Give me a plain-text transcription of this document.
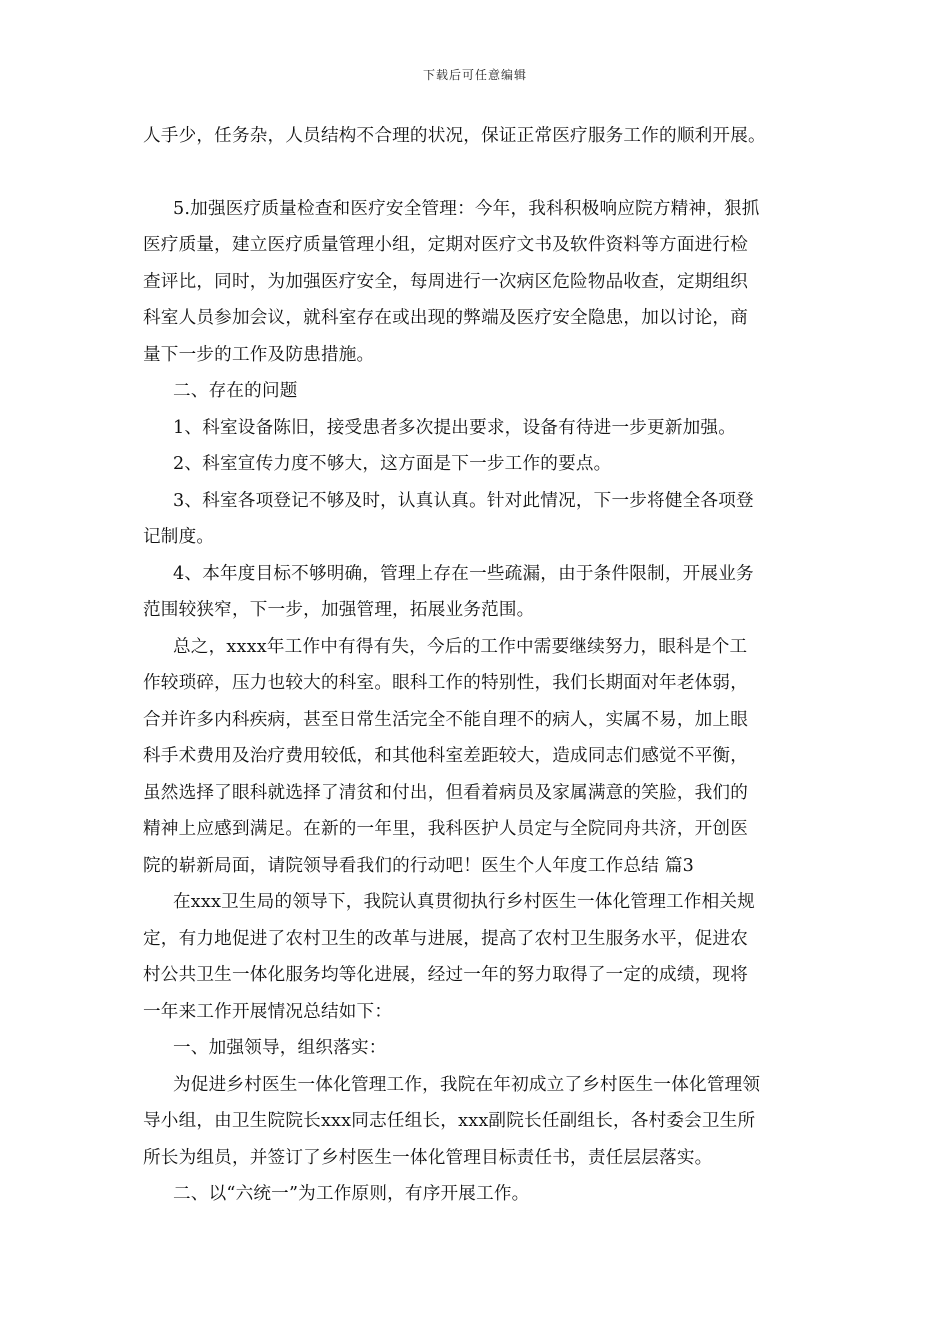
下载后可任意编辑
人手少，任务杂，人员结构不合理的状况，保证正常医疗服务工作的顺利开展。
5.加强医疗质量检查和医疗安全管理：今年，我科积极响应院方精神，狠抓
医疗质量，建立医疗质量管理小组，定期对医疗文书及软件资料等方面进行检
查评比，同时，为加强医疗安全，每周进行一次病区危险物品收查，定期组织
科室人员参加会议，就科室存在或出现的弊端及医疗安全隐患，加以讨论，商
量下一步的工作及防患措施。
二、存在的问题
1、科室设备陈旧，接受患者多次提出要求，设备有待进一步更新加强。
2、科室宣传力度不够大，这方面是下一步工作的要点。
3、科室各项登记不够及时，认真认真。针对此情况，下一步将健全各项登
记制度。
4、本年度目标不够明确，管理上存在一些疏漏，由于条件限制，开展业务
范围较狭窄，下一步，加强管理，拓展业务范围。
总之，xxxx年工作中有得有失，今后的工作中需要继续努力，眼科是个工
作较琐碎，压力也较大的科室。眼科工作的特别性，我们长期面对年老体弱，
合并许多内科疾病，甚至日常生活完全不能自理不的病人，实属不易，加上眼
科手术费用及治疗费用较低，和其他科室差距较大，造成同志们感觉不平衡，
虽然选择了眼科就选择了清贫和付出，但看着病员及家属满意的笑脸，我们的
精神上应感到满足。在新的一年里，我科医护人员定与全院同舟共济，开创医
院的崭新局面，请院领导看我们的行动吧！医生个人年度工作总结 篇3
在xxx卫生局的领导下，我院认真贯彻执行乡村医生一体化管理工作相关规
定，有力地促进了农村卫生的改革与进展，提高了农村卫生服务水平，促进农
村公共卫生一体化服务均等化进展，经过一年的努力取得了一定的成绩，现将
一年来工作开展情况总结如下：
一、加强领导，组织落实：
为促进乡村医生一体化管理工作，我院在年初成立了乡村医生一体化管理领
导小组，由卫生院院长xxx同志任组长，xxx副院长任副组长，各村委会卫生所
所长为组员，并签订了乡村医生一体化管理目标责任书，责任层层落实。
二、以“六统一”为工作原则，有序开展工作。
